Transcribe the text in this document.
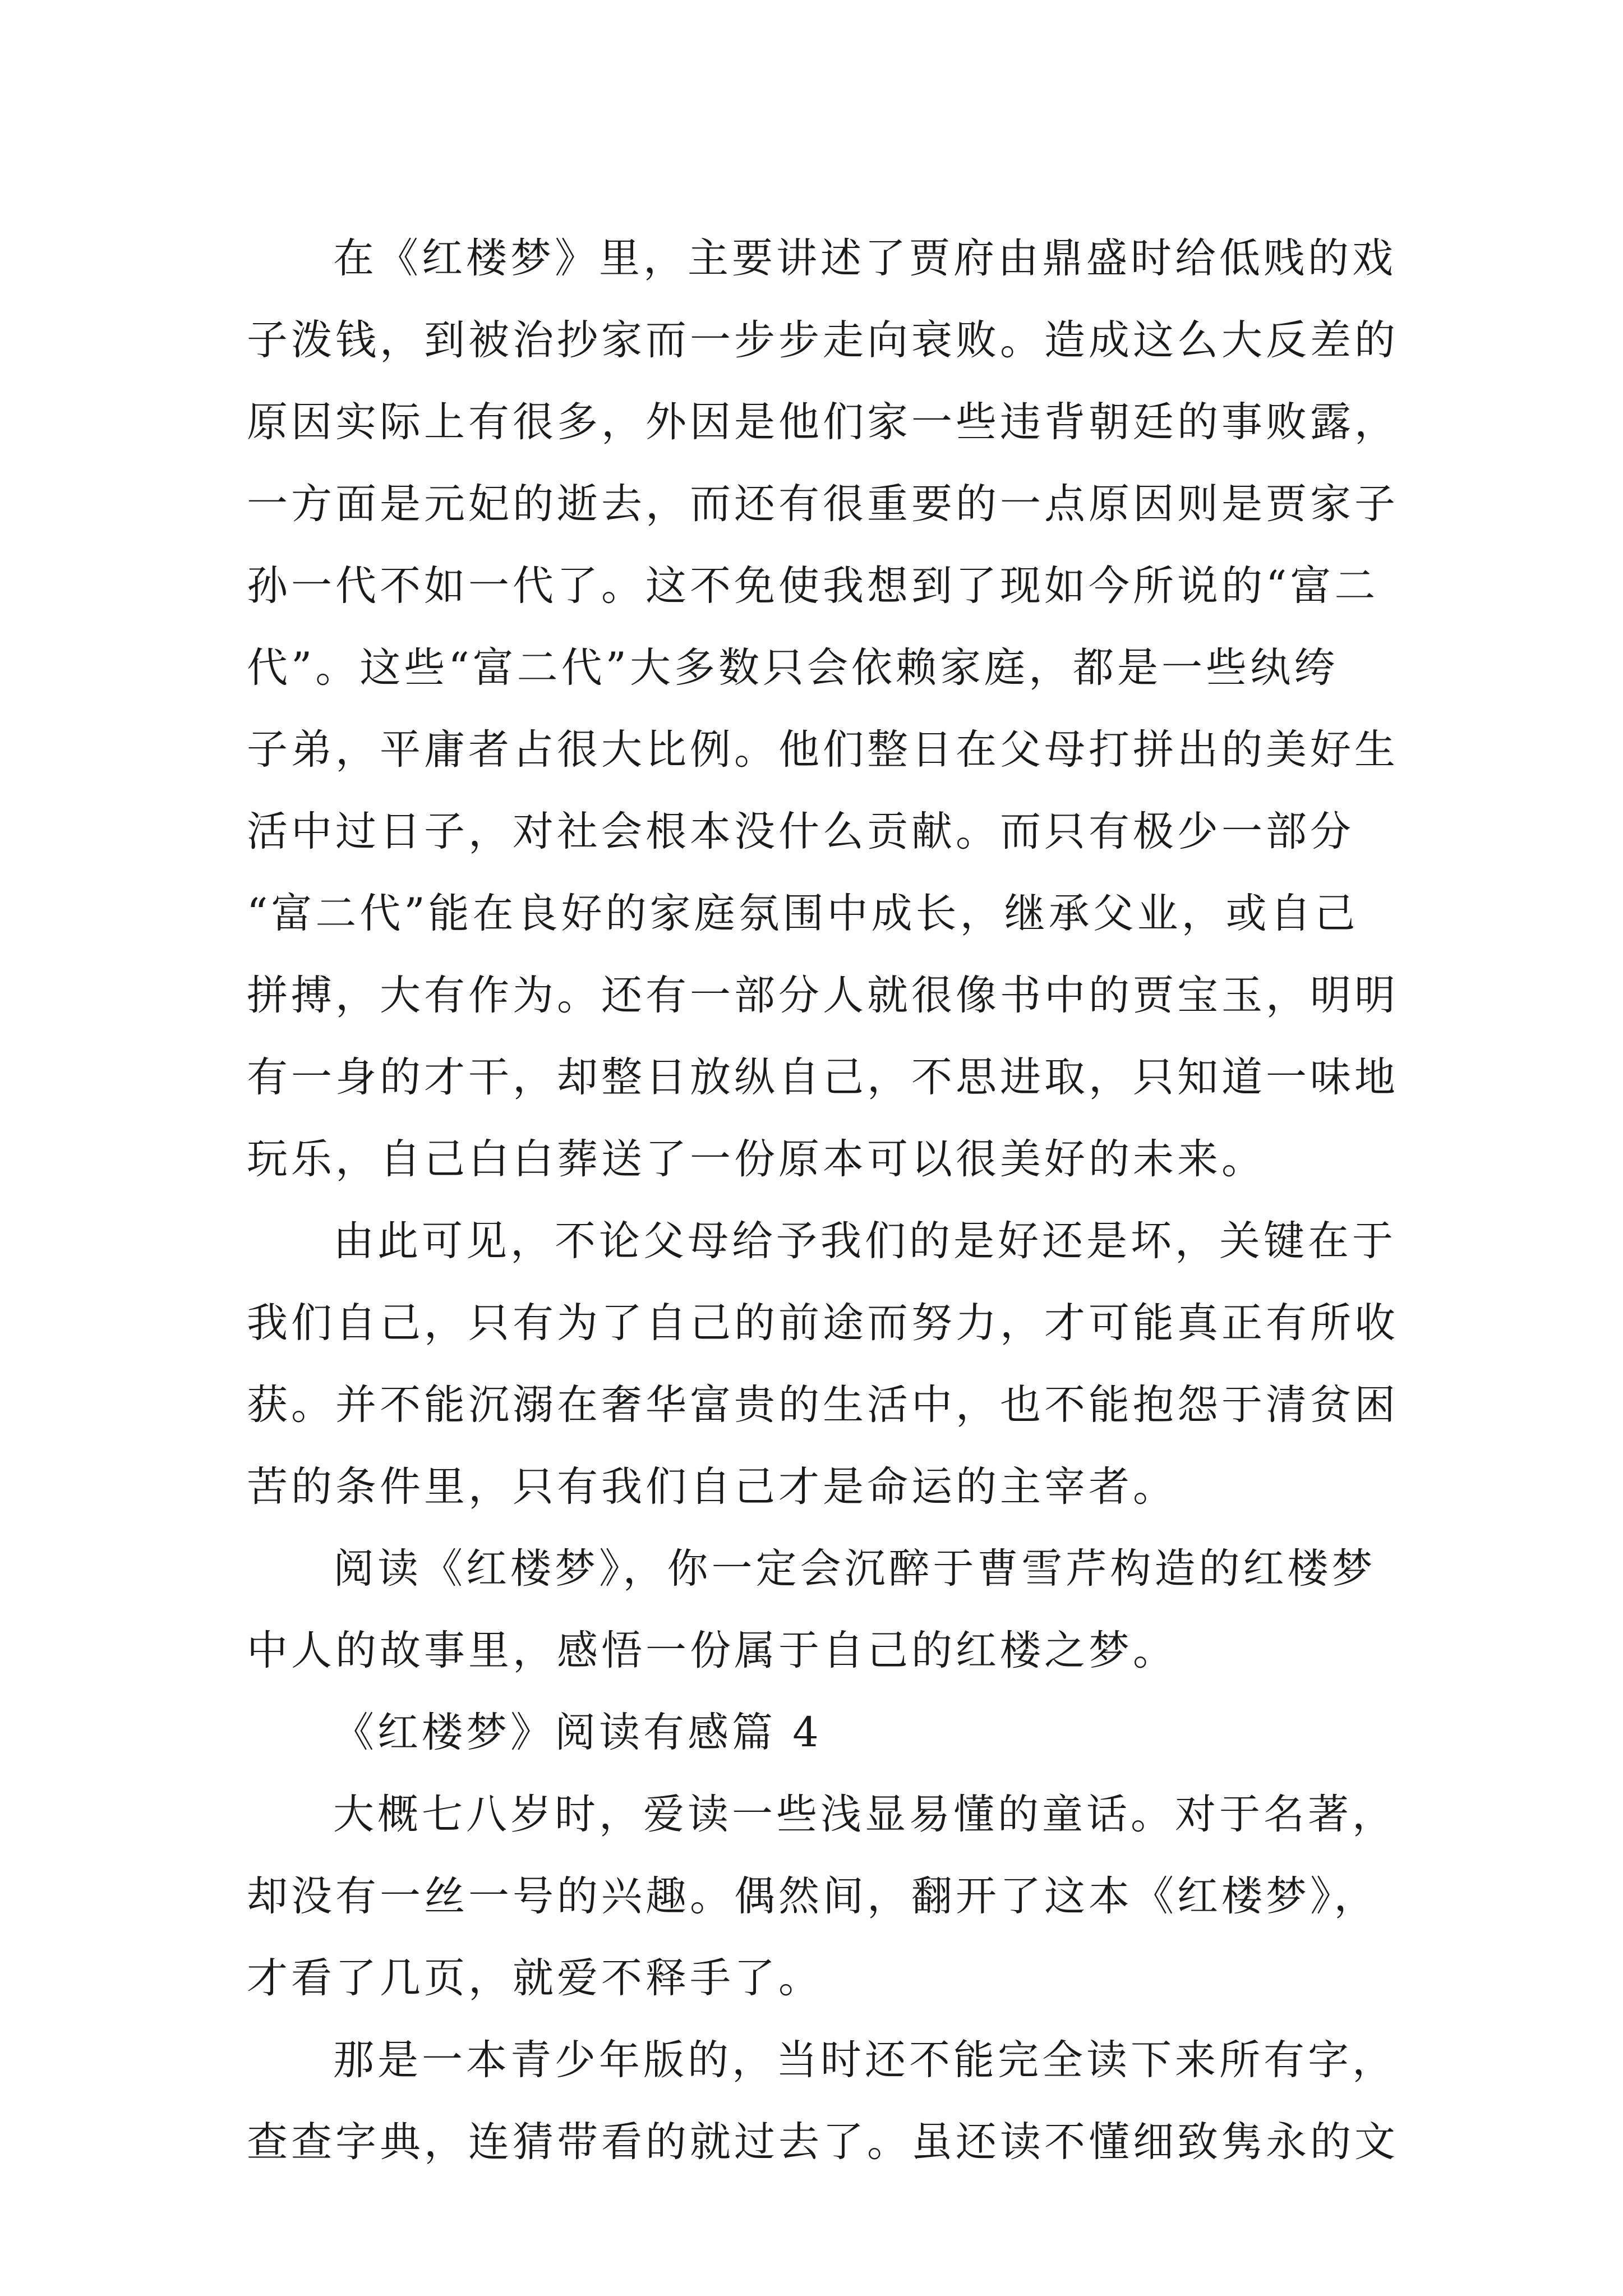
在《红楼梦》里，主要讲述了贾府由鼎盛时给低贱的戏
子泼钱，到被治抄家而一步步走向衰败。造成这么大反差的
原因实际上有很多，外因是他们家一些违背朝廷的事败露，
一方面是元妃的逝去，而还有很重要的一点原因则是贾家子
孙一代不如一代了。这不免使我想到了现如今所说的“富二
代”。这些“富二代”大多数只会依赖家庭，都是一些纨绔
子弟，平庸者占很大比例。他们整日在父母打拼出的美好生
活中过日子，对社会根本没什么贡献。而只有极少一部分
“富二代”能在良好的家庭氛围中成长，继承父业，或自己
拼搏，大有作为。还有一部分人就很像书中的贾宝玉，明明
有一身的才干，却整日放纵自己，不思进取，只知道一味地
玩乐，自己白白葬送了一份原本可以很美好的未来。
由此可见，不论父母给予我们的是好还是坏，关键在于
我们自己，只有为了自己的前途而努力，才可能真正有所收
获。并不能沉溺在奢华富贵的生活中，也不能抱怨于清贫困
苦的条件里，只有我们自己才是命运的主宰者。
阅读《红楼梦》，你一定会沉醉于曹雪芹构造的红楼梦
中人的故事里，感悟一份属于自己的红楼之梦。
《红楼梦》阅读有感篇 4
大概七八岁时，爱读一些浅显易懂的童话。对于名著，
却没有一丝一号的兴趣。偶然间，翻开了这本《红楼梦》，
才看了几页，就爱不释手了。
那是一本青少年版的，当时还不能完全读下来所有字，
查查字典，连猜带看的就过去了。虽还读不懂细致隽永的文
